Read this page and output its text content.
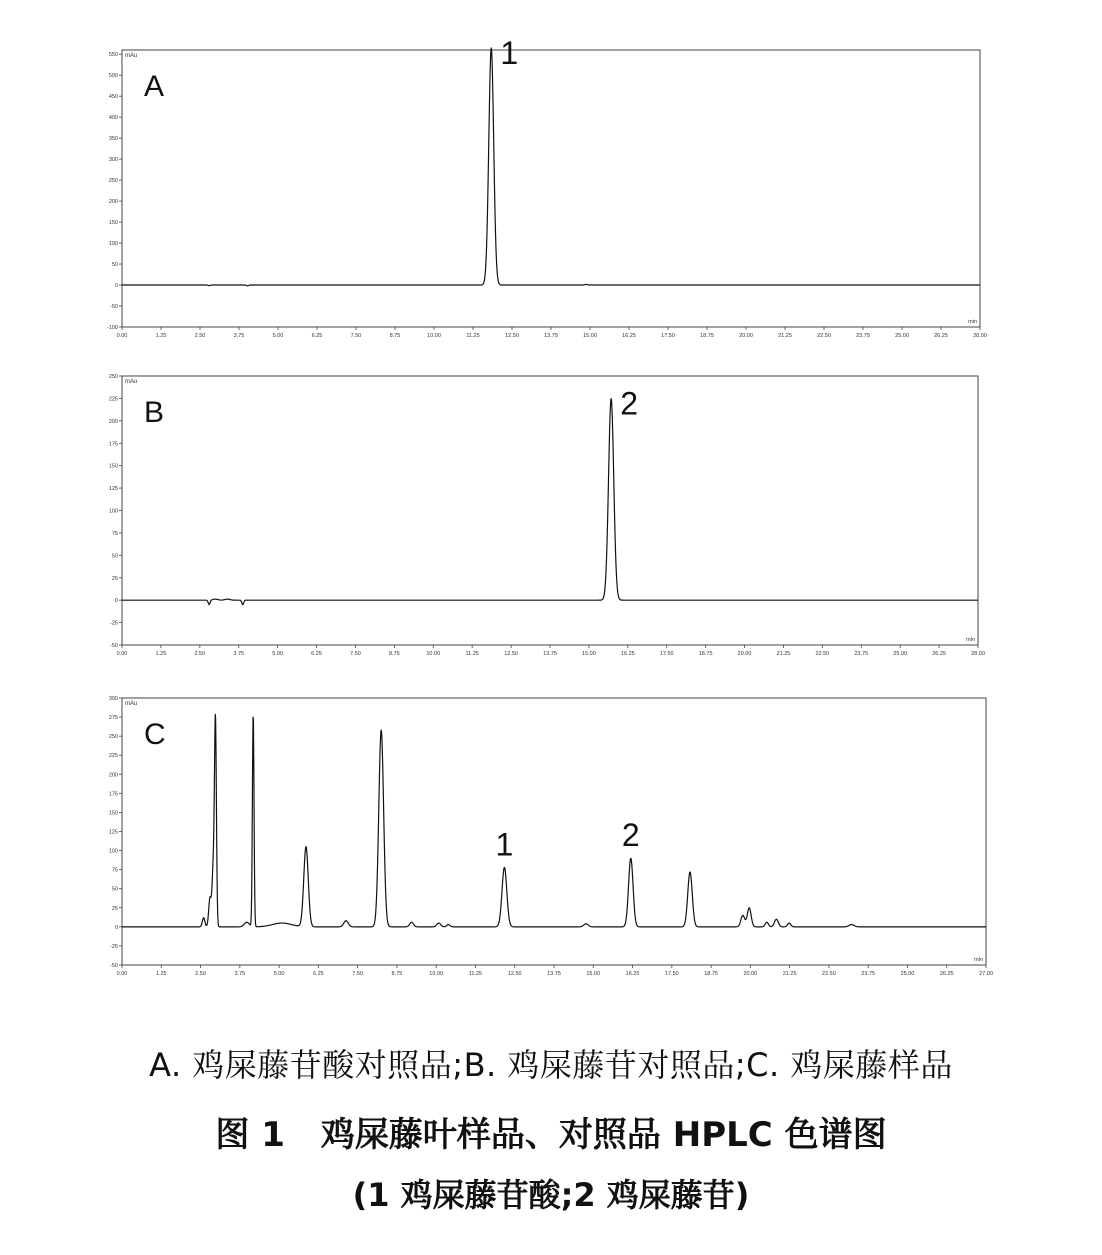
-100
-50
0
50
100
150
200
250
300
350
400
450
500
550
0.00	1.25	2.50	3.75	5.00	6.25	7.50	8.75	10.00	11.25	12.50	13.75	15.00	16.25	17.50	18.75	20.00	21.25	22.50	23.75	25.00	26.25	28.00
mAu
min
A
1
-50
-25
0
25
50
75
100
125
150
175
200
225
250
0.00	1.25	2.50	3.75	5.00	6.25	7.50	8.75	10.00	11.25	12.50	13.75	15.00	16.25	17.50	18.75	20.00	21.25	22.50	23.75	25.00	26.25	28.00
mAu
min
B	2
-50
-25
0
25
50
75
100
125
150
175
200
225
250
275
300
0.00	1.25	2.50	3.75	5.00	6.25	7.50	8.75	10.00	11.25	12.50	13.75	15.00	16.25	17.50	18.75	20.00	21.25	22.50	23.75	25.00	26.25	27.00
mAu
min
C
1	2
A. 鸡屎藤苷酸对照品;B. 鸡屎藤苷对照品;C. 鸡屎藤样品
图 1 鸡屎藤叶样品、对照品 HPLC 色谱图
(1 鸡屎藤苷酸;2 鸡屎藤苷)
